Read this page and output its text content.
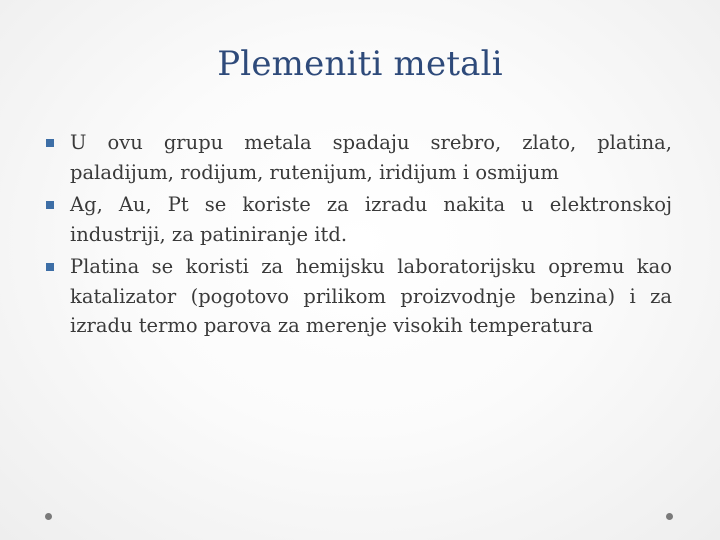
Plemeniti metali
U ovu grupu metala spadaju srebro, zlato, platina, paladijum, rodijum, rutenijum, iridijum i osmijum
Ag, Au, Pt se koriste za izradu nakita u elektronskoj industriji, za patiniranje itd.
Platina se koristi za hemijsku laboratorijsku opremu kao katalizator (pogotovo prilikom proizvodnje benzina) i za izradu termo parova za merenje visokih temperatura
